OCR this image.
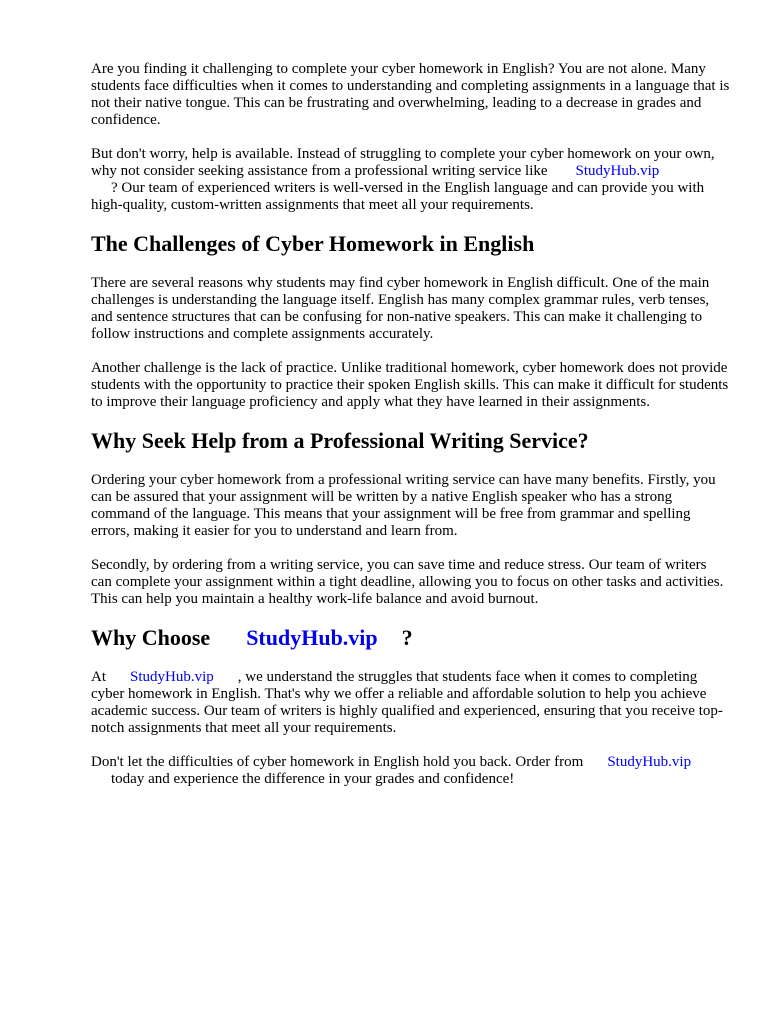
Are you finding it challenging to complete your cyber homework in English? You are not alone. Many students face difficulties when it comes to understanding and completing assignments in a language that is not their native tongue. This can be frustrating and overwhelming, leading to a decrease in grades and confidence.

But don't worry, help is available. Instead of struggling to complete your cyber homework on your own, why not consider seeking assistance from a professional writing service like StudyHub.vip
? Our team of experienced writers is well-versed in the English language and can provide you with high-quality, custom-written assignments that meet all your requirements.

The Challenges of Cyber Homework in English

There are several reasons why students may find cyber homework in English difficult. One of the main challenges is understanding the language itself. English has many complex grammar rules, verb tenses, and sentence structures that can be confusing for non-native speakers. This can make it challenging to follow instructions and complete assignments accurately.

Another challenge is the lack of practice. Unlike traditional homework, cyber homework does not provide students with the opportunity to practice their spoken English skills. This can make it difficult for students to improve their language proficiency and apply what they have learned in their assignments.

Why Seek Help from a Professional Writing Service?

Ordering your cyber homework from a professional writing service can have many benefits. Firstly, you can be assured that your assignment will be written by a native English speaker who has a strong command of the language. This means that your assignment will be free from grammar and spelling errors, making it easier for you to understand and learn from.

Secondly, by ordering from a writing service, you can save time and reduce stress. Our team of writers can complete your assignment within a tight deadline, allowing you to focus on other tasks and activities. This can help you maintain a healthy work-life balance and avoid burnout.

Why Choose StudyHub.vip ?

At StudyHub.vip , we understand the struggles that students face when it comes to completing cyber homework in English. That's why we offer a reliable and affordable solution to help you achieve academic success. Our team of writers is highly qualified and experienced, ensuring that you receive top-notch assignments that meet all your requirements.

Don't let the difficulties of cyber homework in English hold you back. Order from StudyHub.vip
today and experience the difference in your grades and confidence!
